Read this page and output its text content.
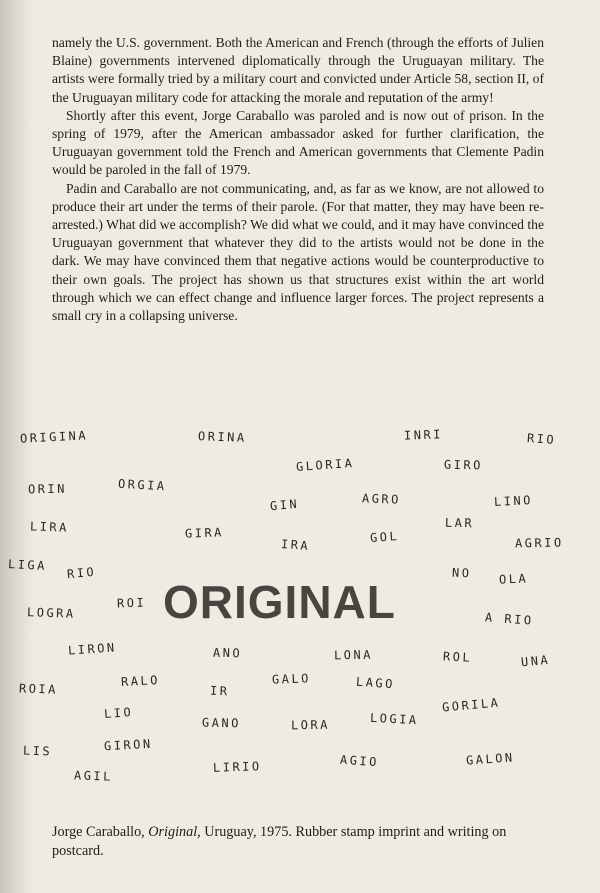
namely the U.S. government. Both the American and French (through the efforts of Julien Blaine) governments intervened diplomatically through the Uruguayan military. The artists were formally tried by a military court and convicted under Article 58, section II, of the Uruguayan military code for attacking the morale and reputation of the army!

Shortly after this event, Jorge Caraballo was paroled and is now out of prison. In the spring of 1979, after the American ambassador asked for further clarification, the Uruguayan government told the French and American governments that Clemente Padin would be paroled in the fall of 1979.

Padin and Caraballo are not communicating, and, as far as we know, are not allowed to produce their art under the terms of their parole. (For that matter, they may have been re-arrested.) What did we accomplish? We did what we could, and it may have convinced the Uruguayan government that whatever they did to the artists would not be done in the dark. We may have convinced them that negative actions would be counterproductive to their own goals. The project has shown us that structures exist within the art world through which we can effect change and influence larger forces. The project represents a small cry in a collapsing universe.

ORIGINA	ORINA	INRI	RIO
GLORIA	GIRO
ORIN	ORGIA
GIN	AGRO	LINO
LIRA	GIRA
IRA	GOL
LAR
AGRIO
LIGA RIO	NO OLA
LOGRA
ROI ORIGINAL	A RIO
LIRON	ANO	LONA	ROL	UNA
ROIA	RALO
IR
GALO	LAGO
LIO
GANO	LORA	LOGIA
GORILA
LIS	GIRON
AGIL
LIRIO	AGIO	GALON
Jorge Caraballo, Original, Uruguay, 1975. Rubber stamp imprint and writing on postcard.
